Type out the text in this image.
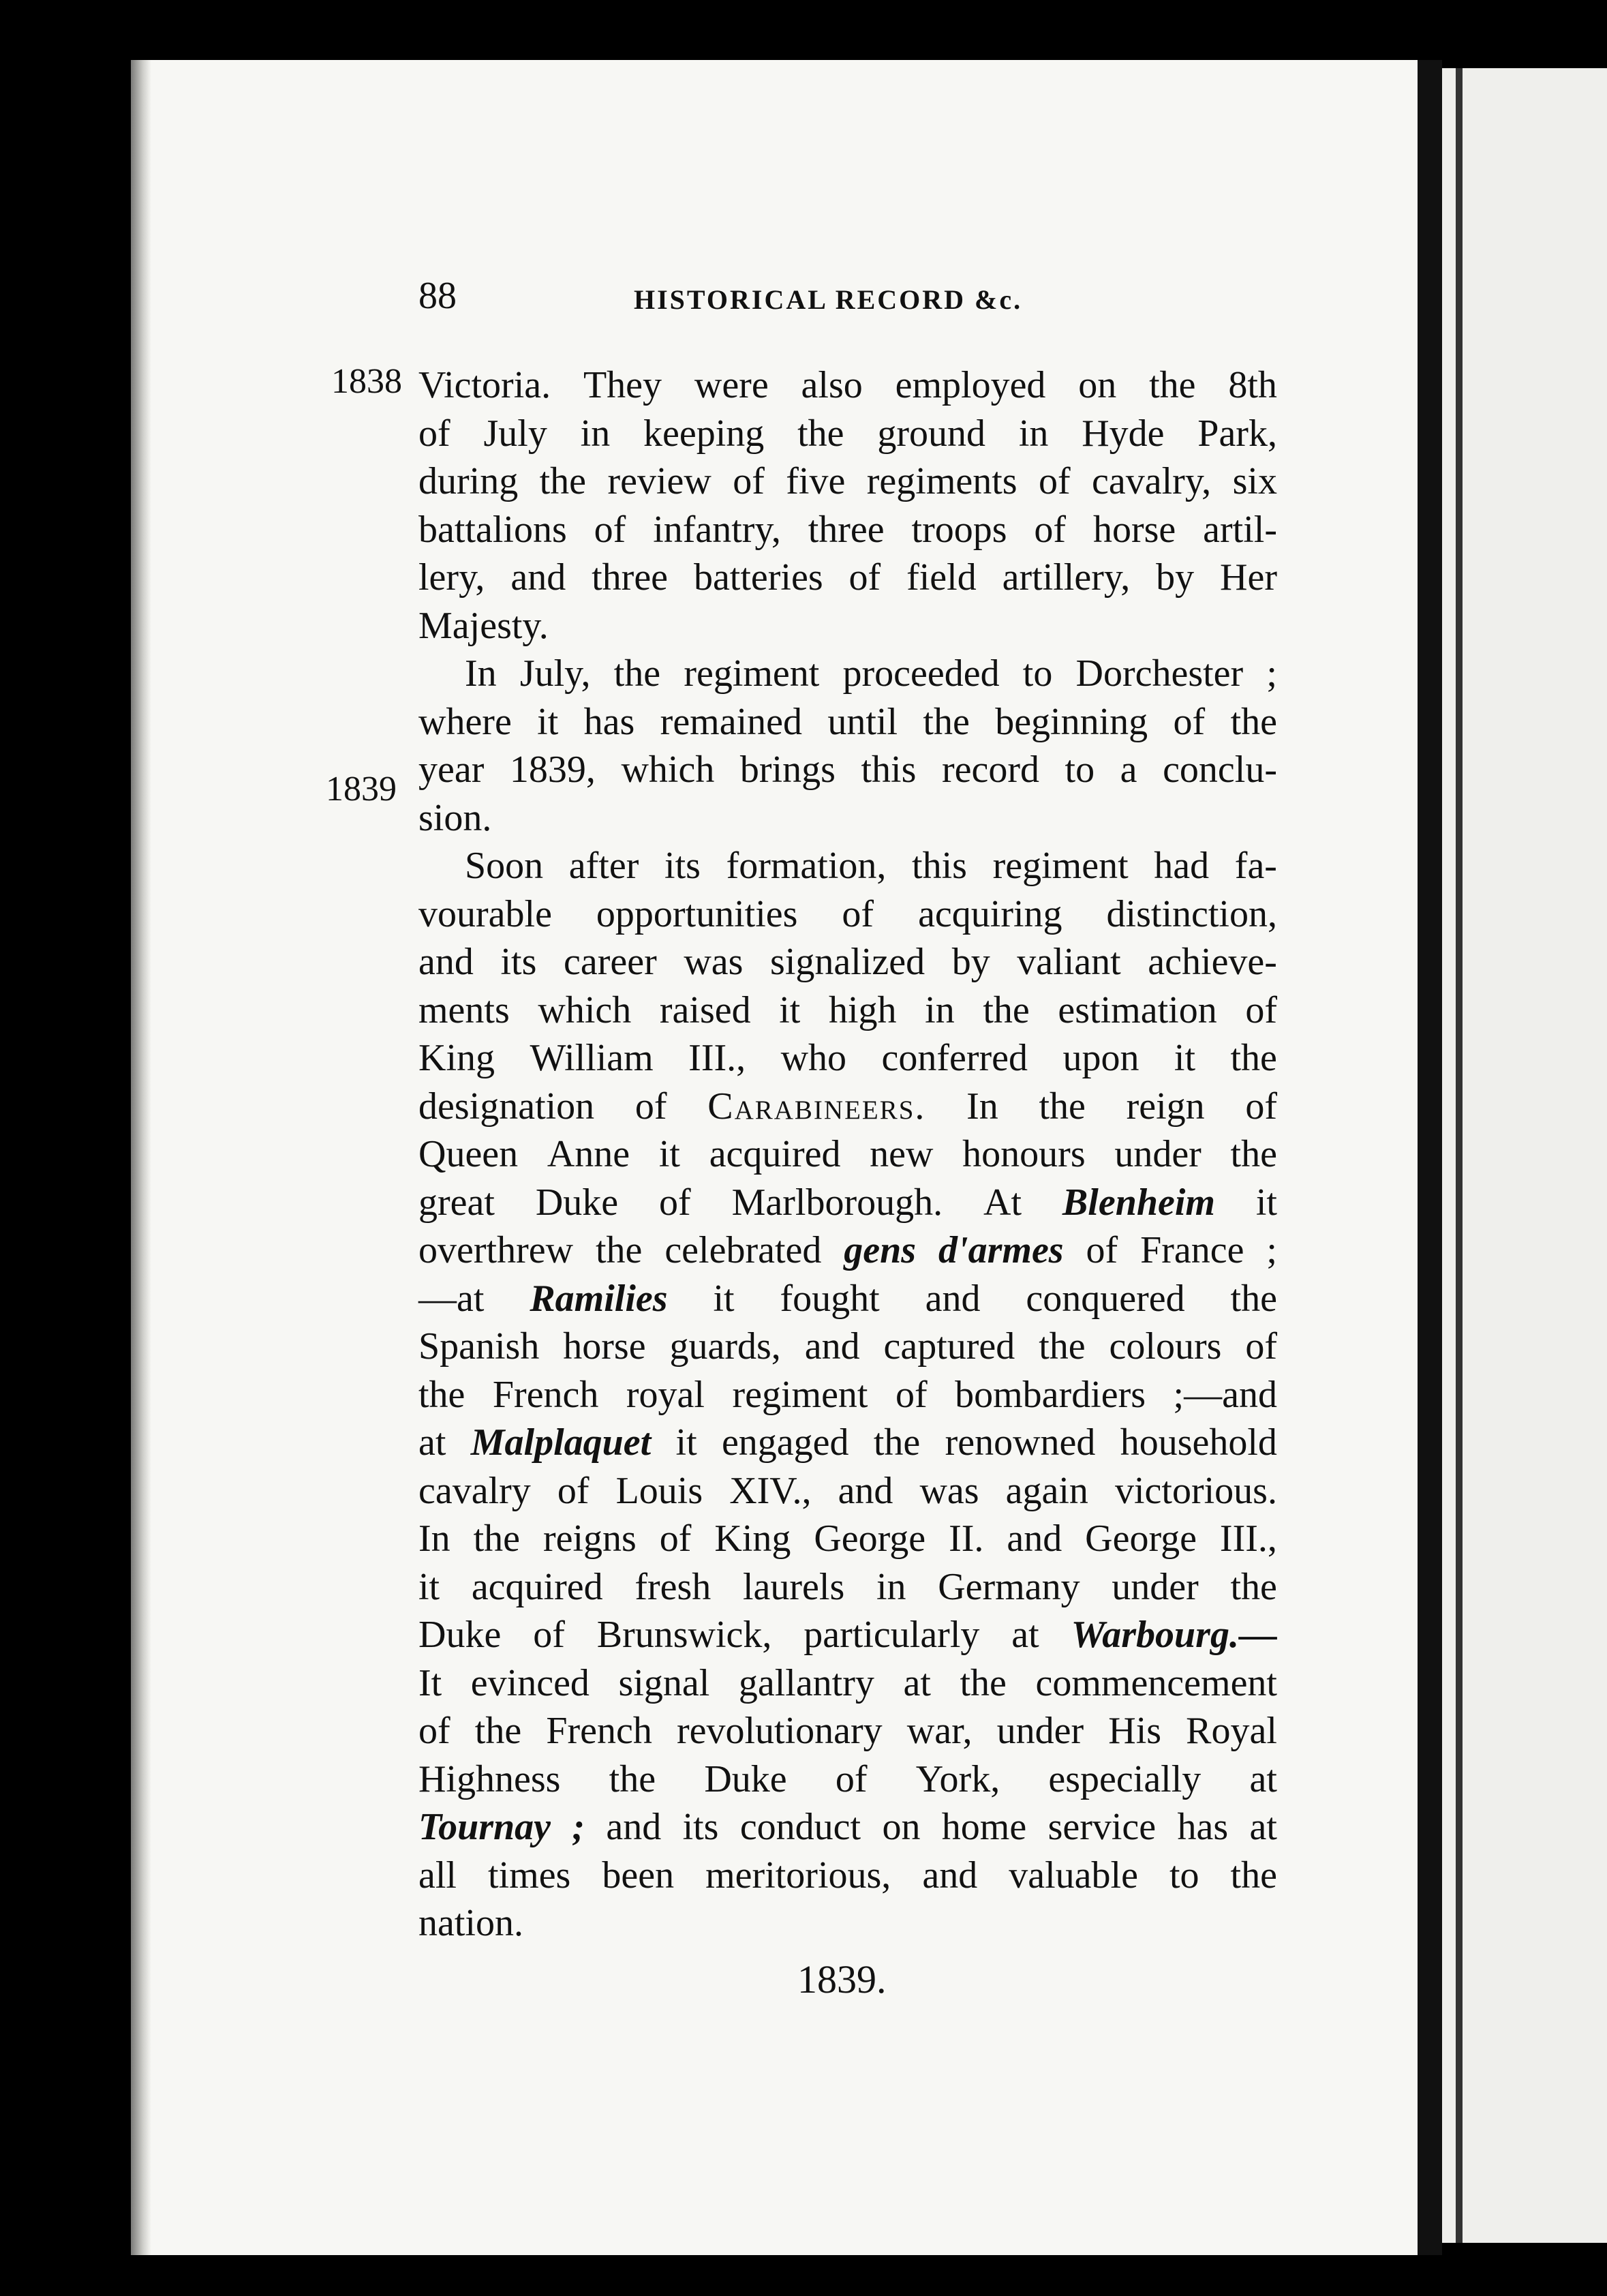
88	HISTORICAL RECORD &c.
1838
1839
Victoria. They were also employed on the 8th
of July in keeping the ground in Hyde Park,
during the review of five regiments of cavalry, six
battalions of infantry, three troops of horse artil-
lery, and three batteries of field artillery, by Her
Majesty.
In July, the regiment proceeded to Dorchester ;
where it has remained until the beginning of the
year 1839, which brings this record to a conclu-
sion.
Soon after its formation, this regiment had fa-
vourable opportunities of acquiring distinction,
and its career was signalized by valiant achieve-
ments which raised it high in the estimation of
King William III., who conferred upon it the
designation of Carabineers. In the reign of
Queen Anne it acquired new honours under the
great Duke of Marlborough. At Blenheim it
overthrew the celebrated gens d'armes of France ;
—at Ramilies it fought and conquered the
Spanish horse guards, and captured the colours of
the French royal regiment of bombardiers ;—and
at Malplaquet it engaged the renowned household
cavalry of Louis XIV., and was again victorious.
In the reigns of King George II. and George III.,
it acquired fresh laurels in Germany under the
Duke of Brunswick, particularly at Warbourg.—
It evinced signal gallantry at the commencement
of the French revolutionary war, under His Royal
Highness the Duke of York, especially at
Tournay ; and its conduct on home service has at
all times been meritorious, and valuable to the
nation.
1839.
